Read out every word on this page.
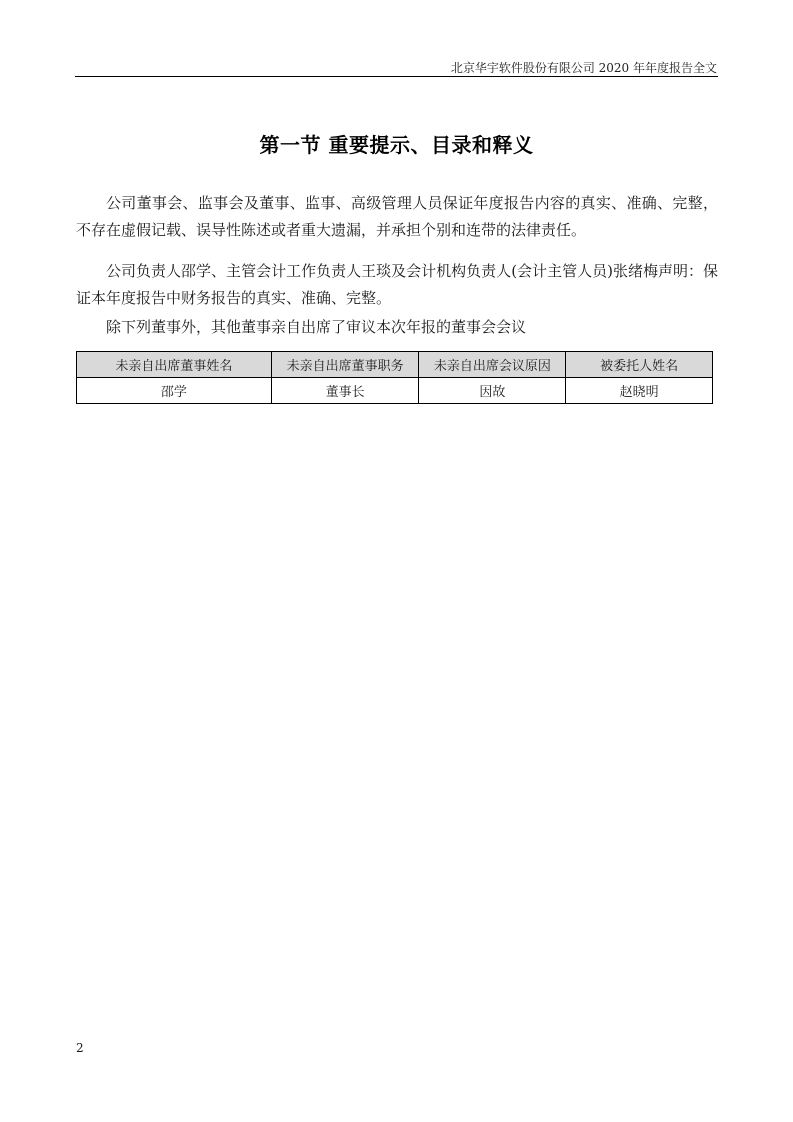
北京华宇软件股份有限公司 2020 年年度报告全文
第一节 重要提示、目录和释义

公司董事会、监事会及董事、监事、高级管理人员保证年度报告内容的真实、准确、完整，不存在虚假记载、误导性陈述或者重大遗漏，并承担个别和连带的法律责任。

公司负责人邵学、主管会计工作负责人王琰及会计机构负责人(会计主管人员)张绪梅声明：保证本年度报告中财务报告的真实、准确、完整。

除下列董事外，其他董事亲自出席了审议本次年报的董事会会议

未亲自出席董事姓名	未亲自出席董事职务	未亲自出席会议原因	被委托人姓名
邵学	董事长	因故	赵晓明
2
